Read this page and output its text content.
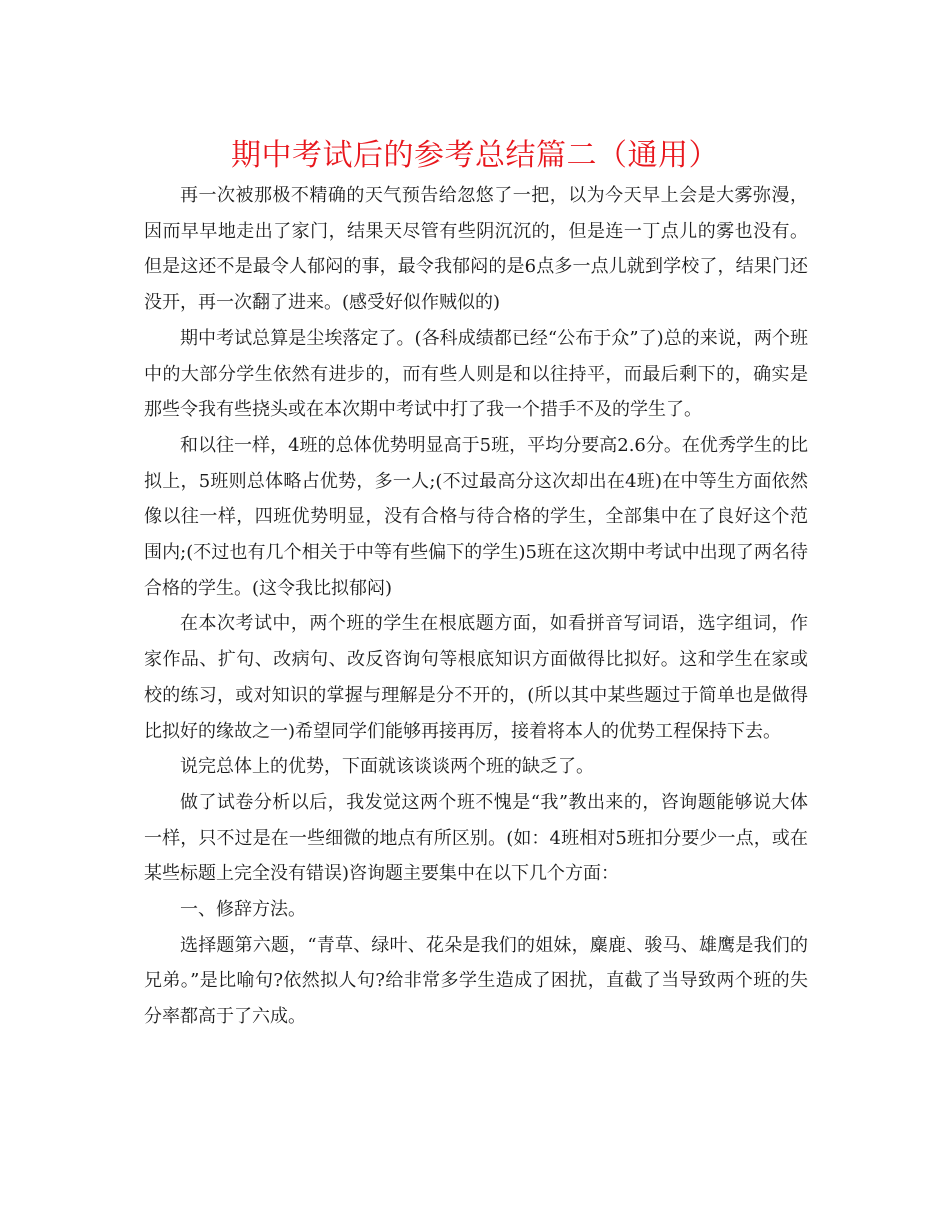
期中考试后的参考总结篇二（通用）

再一次被那极不精确的天气预告给忽悠了一把，以为今天早上会是大雾弥漫，因而早早地走出了家门，结果天尽管有些阴沉沉的，但是连一丁点儿的雾也没有。但是这还不是最令人郁闷的事，最令我郁闷的是6点多一点儿就到学校了，结果门还没开，再一次翻了进来。(感受好似作贼似的)

期中考试总算是尘埃落定了。(各科成绩都已经“公布于众”了)总的来说，两个班中的大部分学生依然有进步的，而有些人则是和以往持平，而最后剩下的，确实是那些令我有些挠头或在本次期中考试中打了我一个措手不及的学生了。

和以往一样，4班的总体优势明显高于5班，平均分要高2.6分。在优秀学生的比拟上，5班则总体略占优势，多一人;(不过最高分这次却出在4班)在中等生方面依然像以往一样，四班优势明显，没有合格与待合格的学生，全部集中在了良好这个范围内;(不过也有几个相关于中等有些偏下的学生)5班在这次期中考试中出现了两名待合格的学生。(这令我比拟郁闷)

在本次考试中，两个班的学生在根底题方面，如看拼音写词语，选字组词，作家作品、扩句、改病句、改反咨询句等根底知识方面做得比拟好。这和学生在家或校的练习，或对知识的掌握与理解是分不开的，(所以其中某些题过于简单也是做得比拟好的缘故之一)希望同学们能够再接再厉，接着将本人的优势工程保持下去。

说完总体上的优势，下面就该谈谈两个班的缺乏了。

做了试卷分析以后，我发觉这两个班不愧是“我”教出来的，咨询题能够说大体一样，只不过是在一些细微的地点有所区别。(如：4班相对5班扣分要少一点，或在某些标题上完全没有错误)咨询题主要集中在以下几个方面：

一、修辞方法。

选择题第六题，“青草、绿叶、花朵是我们的姐妹，麋鹿、骏马、雄鹰是我们的兄弟。”是比喻句?依然拟人句?给非常多学生造成了困扰，直截了当导致两个班的失分率都高于了六成。
